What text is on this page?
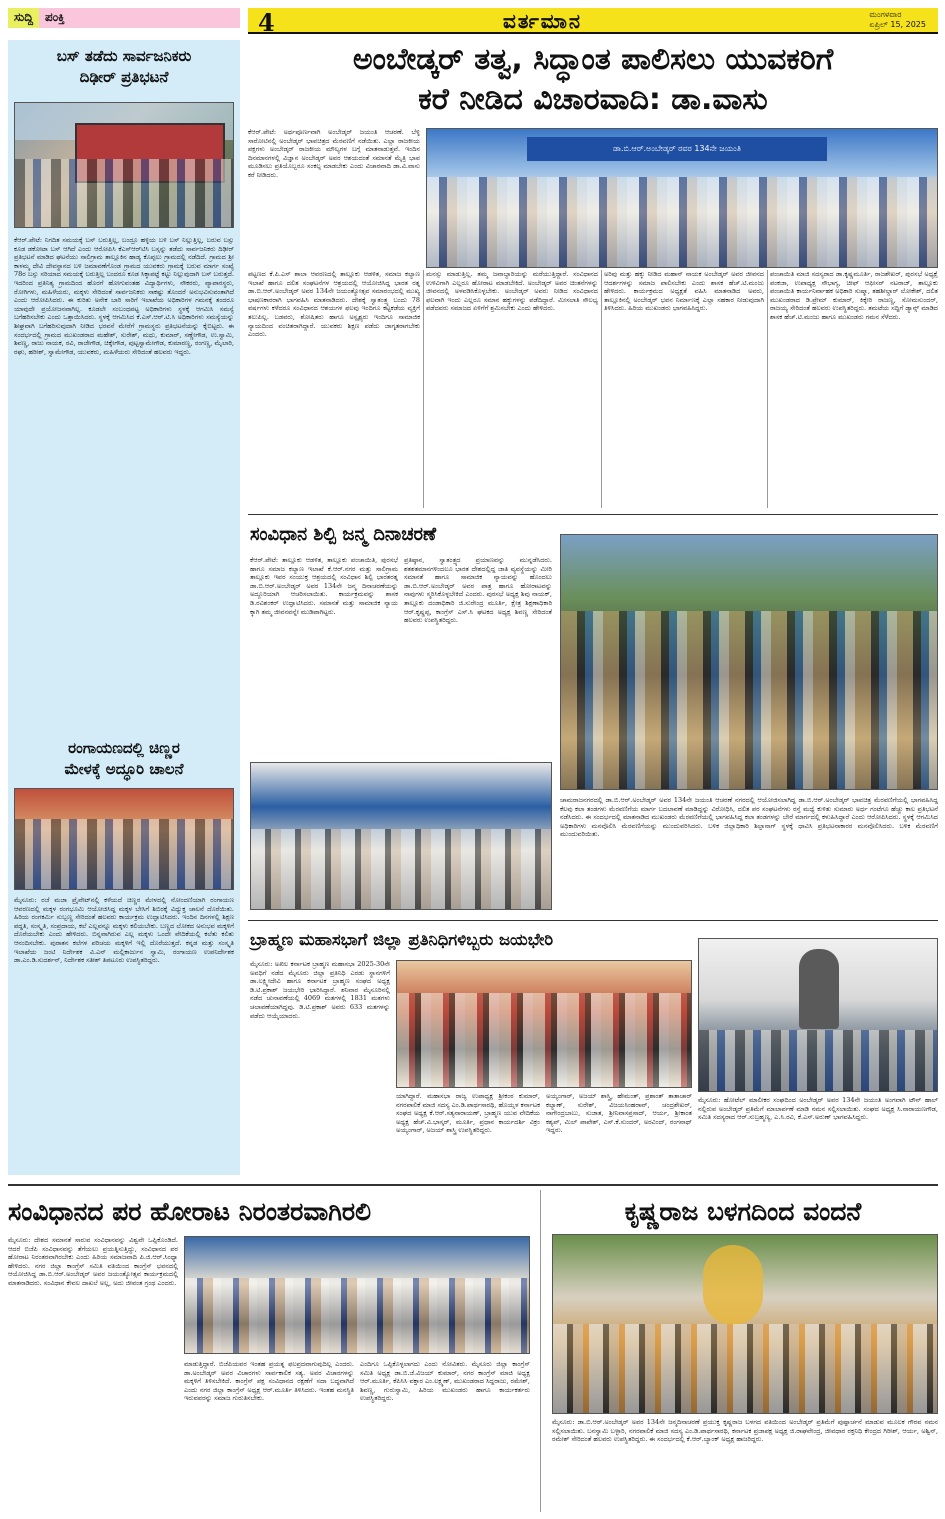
ಸುದ್ದಿ	ಪಂಕ್ತಿ	4	ವರ್ತಮಾನ	ಮಂಗಳವಾರ
ಏಪ್ರಿಲ್ 15, 2025
ಬಸ್ ತಡೆದು ಸಾರ್ವಜನಿಕರು
ದಿಢೀರ್ ಪ್ರತಿಭಟನೆ
ಕೆಆರ್.ಪೇಟೆ: ನಿಗದಿತ ಸಮಯಕ್ಕೆ ಬಸ್ ಬರುತ್ತಿಲ್ಲ, ಬಂದ್ರೂ ಹಳ್ಳಿಯ ಬಳಿ ಬಸ್ ನಿಲ್ಲುತ್ತಿಲ್ಲ, ಬರುವ ಬಸ್ಸು ಕೂಡ ಡಕೋಟಾ ಬಸ್ ಆಗಿದೆ ಎಂದು ಆರೋಪಿಸಿ ಕೆಎಸ್ಆರ್‌ಟಿಸಿ ಬಸ್ಸನ್ನು ತಡೆದು ಸಾರ್ವಜನಿಕರು ದಿಢೀರ್ ಪ್ರತಿಭಟನೆ ಮಾಡಿದ ಘಟನೆಯು ಸಾಲಿಗ್ರಾಮ ತಾಲ್ಲೂಕಿನ ಹಾಡ್ಯ ಕೊಪ್ಪಲು ಗ್ರಾಮದಲ್ಲಿ ನಡೆದಿದೆ. ಗ್ರಾಮದ ಶ್ರೀ ಕಾಳಮ್ಮ ದೇವಿ ದೇವಸ್ಥಾನದ ಬಳಿ ಜಮಾವಣೆಗೊಂಡ ಗ್ರಾಮದ ಯುವಕರು ಗ್ರಾಮಕ್ಕೆ ಬರುವ ಮಾರ್ಗ ಸಂಖ್ಯೆ 78ರ ಬಸ್ಸು ಸರಿಯಾದ ಸಮಯಕ್ಕೆ ಬರುತ್ತಿಲ್ಲ ಬಂದರೂ ಕೂಡ ಸಿಕ್ಕಾಪಟ್ಟೆ ಕಟ್ಟು ನಿಲ್ಲುವುದಾಗಿ ಬಸ್ ಬರುತ್ತದೆ. ಇದರಿಂದ ಪ್ರತಿನಿತ್ಯ ಗ್ರಾಮದಿಂದ ಹೊರಗೆ ಹೋಗುವಂತಹ ವಿದ್ಯಾರ್ಥಿಗಳು, ನೌಕರರು, ವ್ಯಾಪಾರಸ್ಥರು, ರೋಗಿಗಳು, ಮಹಿಳೆಯರು, ಮಕ್ಕಳು ಸೇರಿದಂತೆ ಸಾರ್ವಜನಿಕರು ಸಾಕಷ್ಟು ತೊಂದರೆ ಅನುಭವಿಸುವಂತಾಗಿದೆ ಎಂದು ಆರೋಪಿಸಿದರು. ಈ ಕುರಿತು ಅನೇಕ ಬಾರಿ ಸಾರಿಗೆ ಇಲಾಖೆಯ ಅಧಿಕಾರಿಗಳ ಗಮನಕ್ಕೆ ತಂದರೂ ಯಾವುದೇ ಪ್ರಯೋಜನವಾಗಿಲ್ಲ. ಕೂಡಲೇ ಸಂಬಂಧಪಟ್ಟ ಅಧಿಕಾರಿಗಳು ಸ್ಥಳಕ್ಕೆ ಆಗಮಿಸಿ ಸಮಸ್ಯೆ ಬಗೆಹರಿಸಬೇಕು ಎಂದು ಒತ್ತಾಯಿಸಿದರು. ಸ್ಥಳಕ್ಕೆ ಆಗಮಿಸಿದ ಕೆ.ಎಸ್.ಆರ್.ಟಿ.ಸಿ ಅಧಿಕಾರಿಗಳು ಸಮಸ್ಯೆಯನ್ನು ಶೀಘ್ರವಾಗಿ ಬಗೆಹರಿಸುವುದಾಗಿ ನೀಡಿದ ಭರವಸೆ ಮೇರೆಗೆ ಗ್ರಾಮಸ್ಥರು ಪ್ರತಿಭಟನೆಯನ್ನು ಕೈಬಿಟ್ಟರು. ಈ ಸಂದರ್ಭದಲ್ಲಿ ಗ್ರಾಮದ ಮುಖಂಡರಾದ ಮಹೇಶ್, ಸುರೇಶ್, ಮಧು, ಕುಮಾರ್, ಸಣ್ಣೇಗೌಡ, ಉ.ಸ್ವಾಮಿ, ಶಿವಣ್ಣ, ರಾಜು ನಾಯಕ, ರವಿ, ರಾಜೇಗೌಡ, ಚಿಕ್ಕೇಗೌಡ, ಪುಟ್ಟಸ್ವಾಮೇಗೌಡ, ಕುಮಾರಣ್ಣ, ರಂಗಣ್ಣ, ಮೈಲಾರಿ, ರಘು, ಹರೀಶ್, ಸ್ವಾಮೇಗೌಡ, ಯುವಕರು, ಮಹಿಳೆಯರು ಸೇರಿದಂತೆ ಹಲವರು ಇದ್ದರು.
ರಂಗಾಯಣದಲ್ಲಿ ಚಿಣ್ಣರ
ಮೇಳಕ್ಕೆ ಅದ್ಧೂರಿ ಚಾಲನೆ
ಮೈಸೂರು: ರಜೆ ಮಜಾ ಪ್ರೈವೇಟ್‌ನಲ್ಲಿ ಕಳೆಯದೆ ಚಿಣ್ಣರ ಮೇಳದಲ್ಲಿ ನೋಂದಣಿಯಾಗಿ ರಂಗಾಯಣ ಆವರಣದಲ್ಲಿ ಮಕ್ಕಳ ರಂಗಭೂಮಿ ಆಯೋಜಿಸಿದ್ದ ಮಕ್ಕಳ ಬೇಸಿಗೆ ಶಿಬಿರಕ್ಕೆ ವಿಧ್ಯುಕ್ತ ಚಾಲನೆ ದೊರೆಯಿತು. ಹಿರಿಯ ರಂಗಕರ್ಮಿ ಸುಬ್ಬಣ್ಣ ಸೇರಿದಂತೆ ಹಲವರು ಕಾರ್ಯಕ್ರಮ ಉದ್ಘಾಟಿಸಿದರು. ಇಂದಿನ ದಿನಗಳಲ್ಲಿ ಶಿಕ್ಷಣ ಪದ್ಧತಿ, ಸಂಸ್ಕೃತಿ, ಸಂಪ್ರದಾಯ, ಕಲೆ ಎಲ್ಲವನ್ನೂ ಮಕ್ಕಳು ಕಲಿಯಬೇಕು. ಬಣ್ಣದ ಲೋಕದ ಅನುಭವ ಮಕ್ಕಳಿಗೆ ದೊರೆಯಬೇಕು ಎಂದು ಹೇಳಿದರು. ಬಿನ್ನವಾಗಿರುವ ಎಲ್ಲ ಮಕ್ಕಳು ಒಂದೇ ವೇದಿಕೆಯಲ್ಲಿ ಕಲೆತು ಕಲಿತು ಆನಂದಿಸಬೇಕು. ಪುರಾತನ ಕಲೆಗಳ ಪರಿಚಯ ಮಕ್ಕಳಿಗೆ ಇಲ್ಲಿ ದೊರೆಯುತ್ತದೆ. ಕನ್ನಡ ಮತ್ತು ಸಂಸ್ಕೃತಿ ಇಲಾಖೆಯ ಜಂಟಿ ನಿರ್ದೇಶಕ ವಿ.ಎನ್ ಮಲ್ಲಿಕಾರ್ಜುನ ಸ್ವಾಮಿ, ರಂಗಾಯಣ ಉಪನಿರ್ದೇಶಕ ಡಾ.ಎಂ.ಡಿ.ಸುದರ್ಶನ್, ನಿರ್ದೇಶಕ ಸತೀಶ್ ತಿಪಟೂರು ಉಪಸ್ಥಿತರಿದ್ದರು.
ಅಂಬೇಡ್ಕರ್ ತತ್ವ, ಸಿದ್ಧಾಂತ ಪಾಲಿಸಲು ಯುವಕರಿಗೆ
ಕರೆ ನೀಡಿದ ವಿಚಾರವಾದಿ: ಡಾ.ವಾಸು
ಕೆಆರ್.ಪೇಟೆ: ಅರ್ಥಪೂರ್ಣವಾಗಿ ಅಂಬೇಡ್ಕರ್ ಜಯಂತಿ ಆಚರಣೆ. ಬೆಳ್ಳಿ ಸಾರೋಟಿನಲ್ಲಿ ಅಂಬೇಡ್ಕರ್ ಭಾವಚಿತ್ರದ ಮೆರವಣಿಗೆ ನಡೆಯಿತು. ಎಲ್ಲಾ ರಾಜಕೀಯ ಪಕ್ಷಗಳು ಅಂಬೇಡ್ಕರ್ ರಾಜಕೀಯ ಮೌಲ್ಯಗಳ ಬಗ್ಗೆ ಮಾತನಾಡುತ್ತವೆ. ಇಂದಿನ ದಿನಮಾನಗಳಲ್ಲಿ ವಿಜ್ಞಾನ ಅಂಬೇಡ್ಕರ್ ಅವರ ಆಶಯದಂತೆ ಸಮಾನತೆ ಮೈತ್ರಿ ಭಾವ ಮೂಡಿಸಲು ಪ್ರತಿಯೊಬ್ಬರೂ ಸಂಕಲ್ಪ ಮಾಡಬೇಕು ಎಂದು ವಿಚಾರವಾದಿ ಡಾ.ವಿ.ವಾಸು ಕರೆ ನೀಡಿದರು.
ಡಾ.ಬಿ.ಆರ್.ಅಂಬೇಡ್ಕರ್ ರವರ 134ನೇ ಜಯಂತಿ
ಪಟ್ಟಣದ ಕೆ.ಪಿ.ಎಸ್ ಶಾಲಾ ಆವರಣದಲ್ಲಿ ತಾಲ್ಲೂಕು ಆಡಳಿತ, ಸಮಾಜ ಕಲ್ಯಾಣ ಇಲಾಖೆ ಹಾಗೂ ದಲಿತ ಸಂಘಟನೆಗಳ ಆಶ್ರಯದಲ್ಲಿ ಆಯೋಜಿಸಿದ್ದ ಭಾರತ ರತ್ನ ಡಾ.ಬಿ.ಆರ್.ಅಂಬೇಡ್ಕರ್ ಅವರ 134ನೇ ಜಯಂತ್ಯೋತ್ಸವ ಸಮಾರಂಭದಲ್ಲಿ ಮುಖ್ಯ ಭಾಷಣಕಾರರಾಗಿ ಭಾಗವಹಿಸಿ ಮಾತನಾಡಿದರು. ದೇಶಕ್ಕೆ ಸ್ವಾತಂತ್ರ್ಯ ಬಂದು 78 ವರ್ಷಗಳು ಕಳೆದರೂ ಸಂವಿಧಾನದ ಆಶಯಗಳ ಫಲವು ಇಂದಿಗೂ ಕಟ್ಟಕಡೆಯ ವ್ಯಕ್ತಿಗೆ ತಲುಪಿಲ್ಲ. ಬಡವರು, ಶೋಷಿತರು ಹಾಗೂ ಅಸ್ಪೃಶ್ಯರು ಇಂದಿಗೂ ಸಾಮಾಜಿಕ ನ್ಯಾಯದಿಂದ ವಂಚಿತರಾಗಿದ್ದಾರೆ. ಯುವಕರು ಶಿಕ್ಷಣ ಪಡೆದು ಜಾಗೃತರಾಗಬೇಕು ಎಂದರು.
ಮನಸ್ಸು ಮಾಡುತ್ತಿಲ್ಲ. ತಮ್ಮ ಜವಾಬ್ದಾರಿಯನ್ನು ಮರೆಯುತ್ತಿದ್ದಾರೆ. ಸಂವಿಧಾನದ ಉಳಿವಿಗಾಗಿ ಎಲ್ಲರೂ ಹೋರಾಟ ಮಾಡಬೇಕಿದೆ. ಅಂಬೇಡ್ಕರ್ ಅವರ ಚಿಂತನೆಗಳನ್ನು ಜೀವನದಲ್ಲಿ ಅಳವಡಿಸಿಕೊಳ್ಳಬೇಕು. ಅಂಬೇಡ್ಕರ್ ಅವರು ನೀಡಿದ ಸಂವಿಧಾನದ ಫಲವಾಗಿ ಇಂದು ಎಲ್ಲರೂ ಸಮಾನ ಹಕ್ಕುಗಳನ್ನು ಪಡೆದಿದ್ದಾರೆ. ಮೀಸಲಾತಿ ಸೌಲಭ್ಯ ಪಡೆದವರು ಸಮಾಜದ ಏಳಿಗೆಗೆ ಶ್ರಮಿಸಬೇಕು ಎಂದು ಹೇಳಿದರು.
ಅರಿವು ಮತ್ತು ಹಕ್ಕು ನೀಡಿದ ಮಹಾನ್ ನಾಯಕ ಅಂಬೇಡ್ಕರ್ ಅವರ ಜೀವನದ ಆದರ್ಶಗಳನ್ನು ಸಮಾಜ ಪಾಲಿಸಬೇಕು ಎಂದು ಶಾಸಕ ಹೆಚ್.ಟಿ.ಮಂಜು ಹೇಳಿದರು. ಕಾರ್ಯಕ್ರಮದ ಅಧ್ಯಕ್ಷತೆ ವಹಿಸಿ ಮಾತನಾಡಿದ ಅವರು, ತಾಲ್ಲೂಕಿನಲ್ಲಿ ಅಂಬೇಡ್ಕರ್ ಭವನ ನಿರ್ಮಾಣಕ್ಕೆ ಎಲ್ಲಾ ಸಹಕಾರ ನೀಡುವುದಾಗಿ ತಿಳಿಸಿದರು. ಹಿರಿಯ ಮುಖಂಡರು ಭಾಗವಹಿಸಿದ್ದರು.
ಪಂಚಾಯಿತಿ ಮಾಜಿ ಸದಸ್ಯರಾದ ಡಾ.ಕೃಷ್ಣಮೂರ್ತಿ, ರಾಜಶೇಖರ್, ಪುರಸಭೆ ಅಧ್ಯಕ್ಷೆ ಪಂಕಜಾ, ಉಪಾಧ್ಯಕ್ಷ ಸೌಭಾಗ್ಯ, ಚೀಫ್ ಆಫೀಸರ್ ನಟರಾಜ್, ತಾಲ್ಲೂಕು ಪಂಚಾಯಿತಿ ಕಾರ್ಯನಿರ್ವಾಹಕ ಅಧಿಕಾರಿ ಸುಷ್ಮಾ, ತಹಶೀಲ್ದಾರ್ ಲೋಕೇಶ್, ದಲಿತ ಮುಖಂಡರಾದ ಡಿ.ಪ್ರೇಮ್ ಕುಮಾರ್, ಕಿಕ್ಕೇರಿ ರಾಜಣ್ಣ, ಸೋಮಸುಂದರ್, ರಾಜಯ್ಯ ಸೇರಿದಂತೆ ಹಲವರು ಉಪಸ್ಥಿತರಿದ್ದರು. ತಮಟೆಯ ಸದ್ದಿಗೆ ಡ್ಯಾನ್ಸ್ ಮಾಡಿದ ಶಾಸಕ ಹೆಚ್.ಟಿ.ಮಂಜು ಹಾಗೂ ಮುಖಂಡರು ಗಮನ ಸೆಳೆದರು.
ಸಂವಿಧಾನ ಶಿಲ್ಪಿ ಜನ್ಮ ದಿನಾಚರಣೆ
ಕೆಆರ್.ಪೇಟೆ: ತಾಲ್ಲೂಕು ಆಡಳಿತ, ತಾಲ್ಲೂಕು ಪಂಚಾಯಿತಿ, ಪುರಸಭೆ ಹಾಗೂ ಸಮಾಜ ಕಲ್ಯಾಣ ಇಲಾಖೆ ಕೆ.ಆರ್.ನಗರ ಮತ್ತು ಸಾಲಿಗ್ರಾಮ ತಾಲ್ಲೂಕು ಇವರ ಸಂಯುಕ್ತ ಆಶ್ರಯದಲ್ಲಿ ಸಂವಿಧಾನ ಶಿಲ್ಪಿ ಭಾರತರತ್ನ ಡಾ.ಬಿ.ಆರ್.ಅಂಬೇಡ್ಕರ್ ಅವರ 134ನೇ ಜನ್ಮ ದಿನಾಚರಣೆಯನ್ನು ಅದ್ದೂರಿಯಾಗಿ ಆಚರಿಸಲಾಯಿತು. ಕಾರ್ಯಕ್ರಮವನ್ನು ಶಾಸಕ ಡಿ.ರವಿಶಂಕರ್ ಉದ್ಘಾಟಿಸಿದರು. ಸಮಾನತೆ ಮತ್ತು ಸಾಮಾಜಿಕ ನ್ಯಾಯ ಕ್ಕಾಗಿ ತಮ್ಮ ಜೀವನವನ್ನೇ ಮುಡಿಪಾಗಿಟ್ಟರು.
ಪ್ರತಿಷ್ಠಾನ, ಸ್ವಾತಂತ್ರ್ಯದ ಪ್ರಯಾಣವನ್ನು ಮುನ್ನಡೆಸಿದರು. ಶತಶತಮಾನಗಳಿಂದಲೂ ಭಾರತ ದೇಶದಲ್ಲಿದ್ದ ಜಾತಿ ವ್ಯವಸ್ಥೆಯನ್ನು ಮೀರಿ ಸಮಾನತೆ ಹಾಗೂ ಸಾಮಾಜಿಕ ನ್ಯಾಯವನ್ನು ಹೊಂದಲು ಡಾ.ಬಿ.ಆರ್.ಅಂಬೇಡ್ಕರ್ ಅವರ ಪಾತ್ರ ಹಾಗೂ ಹೋರಾಟವನ್ನು ನಾವುಗಳು ಸ್ಮರಿಸಿಕೊಳ್ಳಬೇಕಿದೆ ಎಂದರು. ಪುರಸಭೆ ಅಧ್ಯಕ್ಷ ಶಿವು ನಾಯಕ್, ತಾಲ್ಲೂಕು ದಂಡಾಧಿಕಾರಿ ಜಿ.ಸುರೇಂದ್ರ ಮೂರ್ತಿ, ಕ್ಷೇತ್ರ ಶಿಕ್ಷಣಾಧಿಕಾರಿ ಆರ್.ಕೃಷ್ಣಪ್ಪ, ಕಾಂಗ್ರೆಸ್ ಎಸ್.ಸಿ ಘಟಕದ ಅಧ್ಯಕ್ಷ ಶಿವಣ್ಣ ಸೇರಿದಂತೆ ಹಲವರು ಉಪಸ್ಥಿತರಿದ್ದರು.
ಚಾಮರಾಜನಗರದಲ್ಲಿ ಡಾ.ಬಿ.ಆರ್.ಅಂಬೇಡ್ಕರ್ ಅವರ 134ನೇ ಜಯಂತಿ ಆಚರಣೆ ನಗರದಲ್ಲಿ ಆಯೋಜಿಸಲಾಗಿದ್ದ ಡಾ.ಬಿ.ಆರ್.ಅಂಬೇಡ್ಕರ್ ಭಾವಚಿತ್ರ ಮೆರವಣಿಗೆಯಲ್ಲಿ ಭಾಗವಹಿಸಿದ್ದ ಕೆಲವು ಕಲಾ ತಂಡಗಳು ಮೆರವಣಿಗೆಯ ಮಾರ್ಗ ಬದಲಾವಣೆ ಮಾಡಿದ್ದನ್ನು ವಿರೋಧಿಸಿ, ದಲಿತ ಪರ ಸಂಘಟನೆಗಳು ರಸ್ತೆ ಮಧ್ಯೆ ಕುಳಿತು ಸುಮಾರು ಅರ್ಧ ಗಂಟೆಗೂ ಹೆಚ್ಚು ಕಾಲ ಪ್ರತಿಭಟನೆ ನಡೆಸಿದರು. ಈ ಸಂದರ್ಭದಲ್ಲಿ ಮಾತನಾಡಿದ ಮುಖಂಡರು ಮೆರವಣಿಗೆಯಲ್ಲಿ ಭಾಗವಹಿಸಿದ್ದ ಕಲಾ ತಂಡಗಳನ್ನು ಬೇರೆ ಮಾರ್ಗದಲ್ಲಿ ಕಳುಹಿಸಿದ್ದಾರೆ ಎಂದು ಆರೋಪಿಸಿದರು. ಸ್ಥಳಕ್ಕೆ ಆಗಮಿಸಿದ ಅಧಿಕಾರಿಗಳು ಮನವೊಲಿಸಿ ಮೆರವಣಿಗೆಯನ್ನು ಮುಂದುವರಿಸಿದರು. ಬಳಿಕ ಜಿಲ್ಲಾಧಿಕಾರಿ ಶಿಲ್ಪಾನಾಗ್ ಸ್ಥಳಕ್ಕೆ ಧಾವಿಸಿ ಪ್ರತಿಭಟನಾಕಾರರ ಮನವೊಲಿಸಿದರು. ಬಳಿಕ ಮೆರವಣಿಗೆ ಮುಂದುವರಿಯಿತು.
ಬ್ರಾಹ್ಮಣ ಮಹಾಸಭಾಗೆ ಜಿಲ್ಲಾ ಪ್ರತಿನಿಧಿಗಳಿಬ್ಬರು ಜಯಭೇರಿ
ಮೈಸೂರು: ಅಖಿಲ ಕರ್ನಾಟಕ ಬ್ರಾಹ್ಮಣ ಮಹಾಸಭಾ 2025-30ನೇ ಅವಧಿಗೆ ನಡೆದ ಮೈಸೂರು ಜಿಲ್ಲಾ ಪ್ರತಿನಿಧಿ ಎರಡು ಸ್ಥಾನಗಳಿಗೆ ಡಾ.ಲಕ್ಷ್ಮೀದೇವಿ ಹಾಗೂ ಕರ್ನಾಟಕ ಬ್ರಾಹ್ಮಣ ಸಂಘದ ಅಧ್ಯಕ್ಷ ಡಿ.ಟಿ.ಪ್ರಕಾಶ್ ಜಯಭೇರಿ ಭಾರಿಸಿದ್ದಾರೆ. ಶನಿವಾರ ಮೈಸೂರಿನಲ್ಲಿ ನಡೆದ ಚುನಾವಣೆಯಲ್ಲಿ 4069 ಮತಗಳಲ್ಲಿ 1831 ಮತಗಳು ಚಲಾವಣೆಯಾಗಿದ್ದವು. ಡಿ.ಟಿ.ಪ್ರಕಾಶ್ ಅವರು 633 ಮತಗಳನ್ನು ಪಡೆದು ಆಯ್ಕೆಯಾದರು.
ಯಾಗಿದ್ದಾರೆ. ಮಹಾಸಭಾ ರಾಜ್ಯ ಉಪಾಧ್ಯಕ್ಷ ಶ್ರೀಕಂಠ ಕುಮಾರ್, ನಗರಪಾಲಿಕೆ ಮಾಜಿ ಸದಸ್ಯ ಎಂ.ಡಿ.ಪಾರ್ಥಸಾರಥಿ, ಹೊಯ್ಸಳ ಕರ್ನಾಟಕ ಸಂಘದ ಅಧ್ಯಕ್ಷ ಕೆ.ಆರ್.ಸತ್ಯನಾರಾಯಣ್, ಬ್ರಾಹ್ಮಣ ಯುವ ವೇದಿಕೆಯ ಅಧ್ಯಕ್ಷ ಹೆಚ್.ವಿ.ಭಾಸ್ಕರ್, ಮೂರ್ತಿ, ಪ್ರಧಾನ ಕಾರ್ಯದರ್ಶಿ ವಿಕ್ರಂ ಅಯ್ಯಂಗಾರ್, ಅಜಯ್ ಶಾಸ್ತ್ರಿ ಉಪಸ್ಥಿತರಿದ್ದರು.
ಅಯ್ಯಂಗಾರ್, ಅಜಯ್ ಶಾಸ್ತ್ರಿ, ಹೇಮಂತ್, ಪ್ರಶಾಂತ್ ತಾತಾಚಾರ್ ಕಲ್ಯಾಣ್, ಸುರೇಶ್, ವಿಜಯಸಿಂಹರಾವ್, ಚಂದ್ರಶೇಖರ್, ನಾಗೇಂದ್ರಬಾಬು, ಸುಜಾತ, ಶ್ರೀನಿವಾಸಪ್ರಸಾದ್, ಆರ್ಯ, ಶ್ರೀಕಾಂತ ಕಶ್ಯಪ್, ಮಿಲ್ ಪಾಪೇಶ್, ಎಸ್.ಕೆ.ಸುಂದರ್, ಅರವಿಂದ್, ರಂಗನಾಥ್ ಇದ್ದರು.
ಮೈಸೂರು: ಹೋಟೆಲ್ ಮಾಲೀಕರ ಸಂಘದಿಂದ ಅಂಬೇಡ್ಕರ್ ಅವರ 134ನೇ ಜಯಂತಿ ಅಂಗವಾಗಿ ಟೌನ್ ಹಾಲ್ ನಲ್ಲಿರುವ ಅಂಬೇಡ್ಕರ್ ಪ್ರತಿಮೆಗೆ ಮಾಲಾರ್ಪಣೆ ಮಾಡಿ ನಮನ ಸಲ್ಲಿಸಲಾಯಿತು. ಸಂಘದ ಅಧ್ಯಕ್ಷ ಸಿ.ನಾರಾಯಣಗೌಡ, ಸಮಿತಿ ಸದಸ್ಯರಾದ ಆರ್.ಸುಬ್ರಹ್ಮಣ್ಯ, ಎ.ಸಿ.ರವಿ, ಕೆ.ಎಸ್.ಅರುಣ್ ಭಾಗವಹಿಸಿದ್ದರು.
ಸಂವಿಧಾನದ ಪರ ಹೋರಾಟ ನಿರಂತರವಾಗಿರಲಿ
ಮೈಸೂರು: ದೇಶದ ಸಮಾನತೆ ಸಾರುವ ಸಂವಿಧಾನವನ್ನು ವಿಶ್ವವೇ ಒಪ್ಪಿಕೊಂಡಿದೆ. ಆದರೆ ಬಿಜೆಪಿ ಸಂವಿಧಾನವನ್ನು ತೆಗೆಯಲು ಪ್ರಯತ್ನಿಸುತ್ತಿದ್ದು, ಸಂವಿಧಾನದ ಪರ ಹೋರಾಟ ನಿರಂತರವಾಗಿರಬೇಕು ಎಂದು ಹಿರಿಯ ಸಮಾಜವಾದಿ ಪಿ.ಜಿ.ಆರ್.ಸಿಂಧ್ಯಾ ಹೇಳಿದರು. ನಗರ ಜಿಲ್ಲಾ ಕಾಂಗ್ರೆಸ್ ಸಮಿತಿ ವತಿಯಿಂದ ಕಾಂಗ್ರೆಸ್ ಭವನದಲ್ಲಿ ಆಯೋಜಿಸಿದ್ದ ಡಾ.ಬಿ.ಆರ್.ಅಂಬೇಡ್ಕರ್ ಅವರ ಜಯಂತ್ಯೋತ್ಸವ ಕಾರ್ಯಕ್ರಮದಲ್ಲಿ ಮಾತನಾಡಿದರು. ಸಂವಿಧಾನ ಕೇವಲ ದಾಖಲೆ ಅಲ್ಲ, ಅದು ಜೀವಂತ ಗ್ರಂಥ ಎಂದರು.
ಮಾಡುತ್ತಿದ್ದಾರೆ. ಬಿಜೆಪಿಯವರ ಇಂತಹ ಪ್ರಯತ್ನ ಫಲಪ್ರದವಾಗುವುದಿಲ್ಲ ಎಂದರು. ಡಾ.ಅಂಬೇಡ್ಕರ್ ಅವರ ವಿಚಾರಗಳು ಸಾರ್ವಕಾಲಿಕ ಸತ್ಯ. ಅವರ ವಿಚಾರಗಳನ್ನು ಮಕ್ಕಳಿಗೆ ತಿಳಿಸಬೇಕಿದೆ. ಕಾಂಗ್ರೆಸ್ ಪಕ್ಷ ಸಂವಿಧಾನದ ರಕ್ಷಣೆಗೆ ಸದಾ ಬದ್ಧವಾಗಿದೆ ಎಂದು ನಗರ ಜಿಲ್ಲಾ ಕಾಂಗ್ರೆಸ್ ಅಧ್ಯಕ್ಷ ಆರ್.ಮೂರ್ತಿ ತಿಳಿಸಿದರು. ಇಂತಹ ಮನಸ್ಥಿತಿ ಇರುವವರನ್ನು ಸಮಾಜ ಗುರುತಿಸಬೇಕು.
ಎಂದಿಗೂ ಒಪ್ಪಿಕೊಳ್ಳಲಾಗದು ಎಂದು ನೋವಿತರು. ಮೈಸೂರು ಜಿಲ್ಲಾ ಕಾಂಗ್ರೆಸ್ ಸಮಿತಿ ಅಧ್ಯಕ್ಷ ಡಾ.ಬಿ.ಜೆ.ವಿಜಯ್ ಕುಮಾರ್, ನಗರ ಕಾಂಗ್ರೆಸ್ ಮಾಜಿ ಅಧ್ಯಕ್ಷ ಆರ್.ಮೂರ್ತಿ, ಕೆಪಿಸಿಸಿ ವಕ್ತಾರ ಎಂ.ಲಕ್ಷ್ಮಣ್, ಮುಖಂಡರಾದ ಸಿದ್ದರಾಜು, ರಮೇಶ್, ಶಿವಣ್ಣ, ಗುರುಸ್ವಾಮಿ, ಹಿರಿಯ ಮುಖಂಡರು ಹಾಗೂ ಕಾರ್ಯಕರ್ತರು ಉಪಸ್ಥಿತರಿದ್ದರು.
ಕೃಷ್ಣರಾಜ ಬಳಗದಿಂದ ವಂದನೆ
ಮೈಸೂರು: ಡಾ.ಬಿ.ಆರ್.ಅಂಬೇಡ್ಕರ್ ಅವರ 134ನೇ ಜನ್ಮದಿನಾಚರಣೆ ಪ್ರಯುಕ್ತ ಕೃಷ್ಣರಾಜ ಬಳಗದ ವತಿಯಿಂದ ಅಂಬೇಡ್ಕರ್ ಪ್ರತಿಮೆಗೆ ಪುಷ್ಪಾರ್ಚನೆ ಮಾಡುವ ಮೂಲಕ ಗೌರವ ನಮನ ಸಲ್ಲಿಸಲಾಯಿತು. ಬನಸ್ವಾಮಿ ಬಳ್ಳಾರಿ, ನಗರಪಾಲಿಕೆ ಮಾಜಿ ಸದಸ್ಯ ಎಂ.ಡಿ.ಪಾರ್ಥಸಾರಥಿ, ಕರ್ನಾಟಕ ಪ್ರಜಾಪಕ್ಷ ಅಧ್ಯಕ್ಷ ಜಿ.ರಾಘವೇಂದ್ರ, ಜೀವಧಾರ ರಕ್ತನಿಧಿ ಕೇಂದ್ರದ ಗಿರೀಶ್, ಆರ್ಯ, ಅಶ್ವಿನ್, ರಮೇಶ್ ಸೇರಿದಂತೆ ಹಲವರು ಉಪಸ್ಥಿತರಿದ್ದರು. ಈ ಸಂದರ್ಭದಲ್ಲಿ ಕೆ.ಆರ್.ಬ್ಯಾಂಕ್ ಅಧ್ಯಕ್ಷ ಹಾಜರಿದ್ದರು.
